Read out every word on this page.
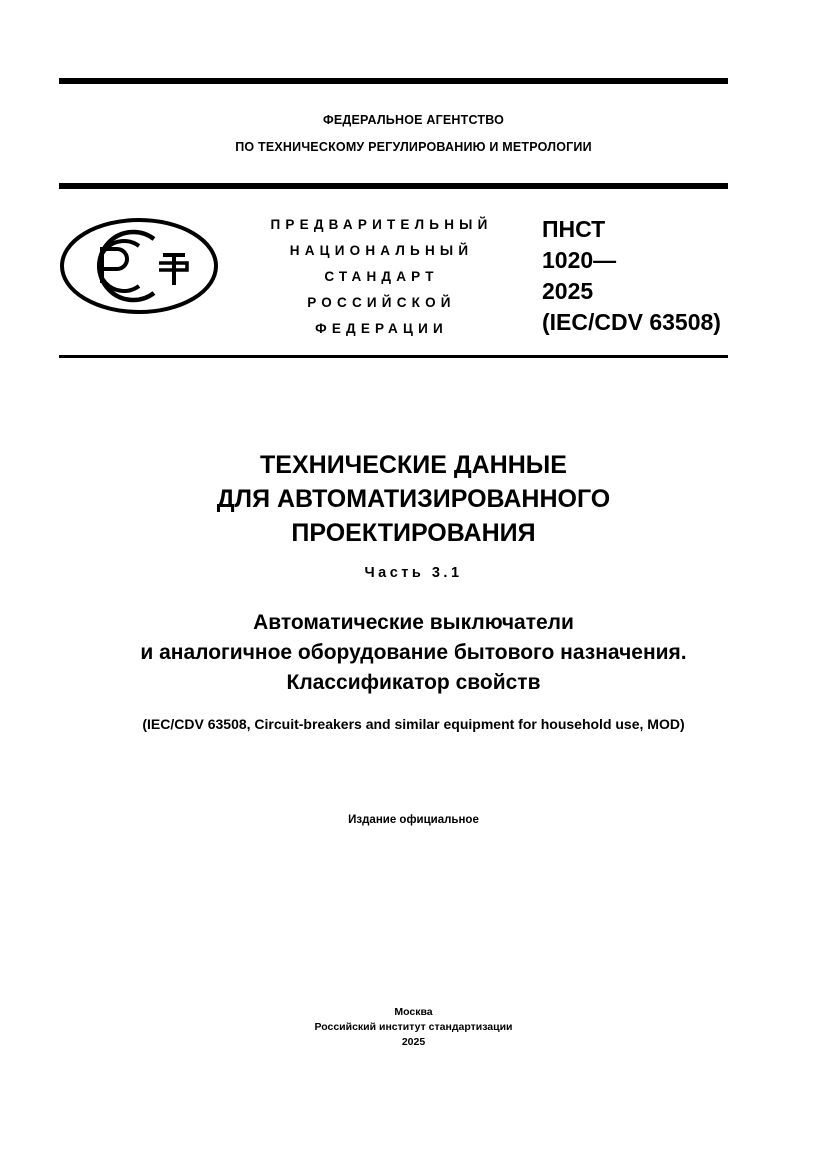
ФЕДЕРАЛЬНОЕ АГЕНТСТВО
ПО ТЕХНИЧЕСКОМУ РЕГУЛИРОВАНИЮ И МЕТРОЛОГИИ
ПРЕДВАРИТЕЛЬНЫЙ
НАЦИОНАЛЬНЫЙ
СТАНДАРТ
РОССИЙСКОЙ
ФЕДЕРАЦИИ
ПНСТ
1020—
2025
(IEC/CDV 63508)
ТЕХНИЧЕСКИЕ ДАННЫЕ
ДЛЯ АВТОМАТИЗИРОВАННОГО
ПРОЕКТИРОВАНИЯ
Часть 3.1
Автоматические выключатели
и аналогичное оборудование бытового назначения.
Классификатор свойств
(IEC/CDV 63508, Circuit-breakers and similar equipment for household use, MOD)
Издание официальное
Москва
Российский институт стандартизации
2025
